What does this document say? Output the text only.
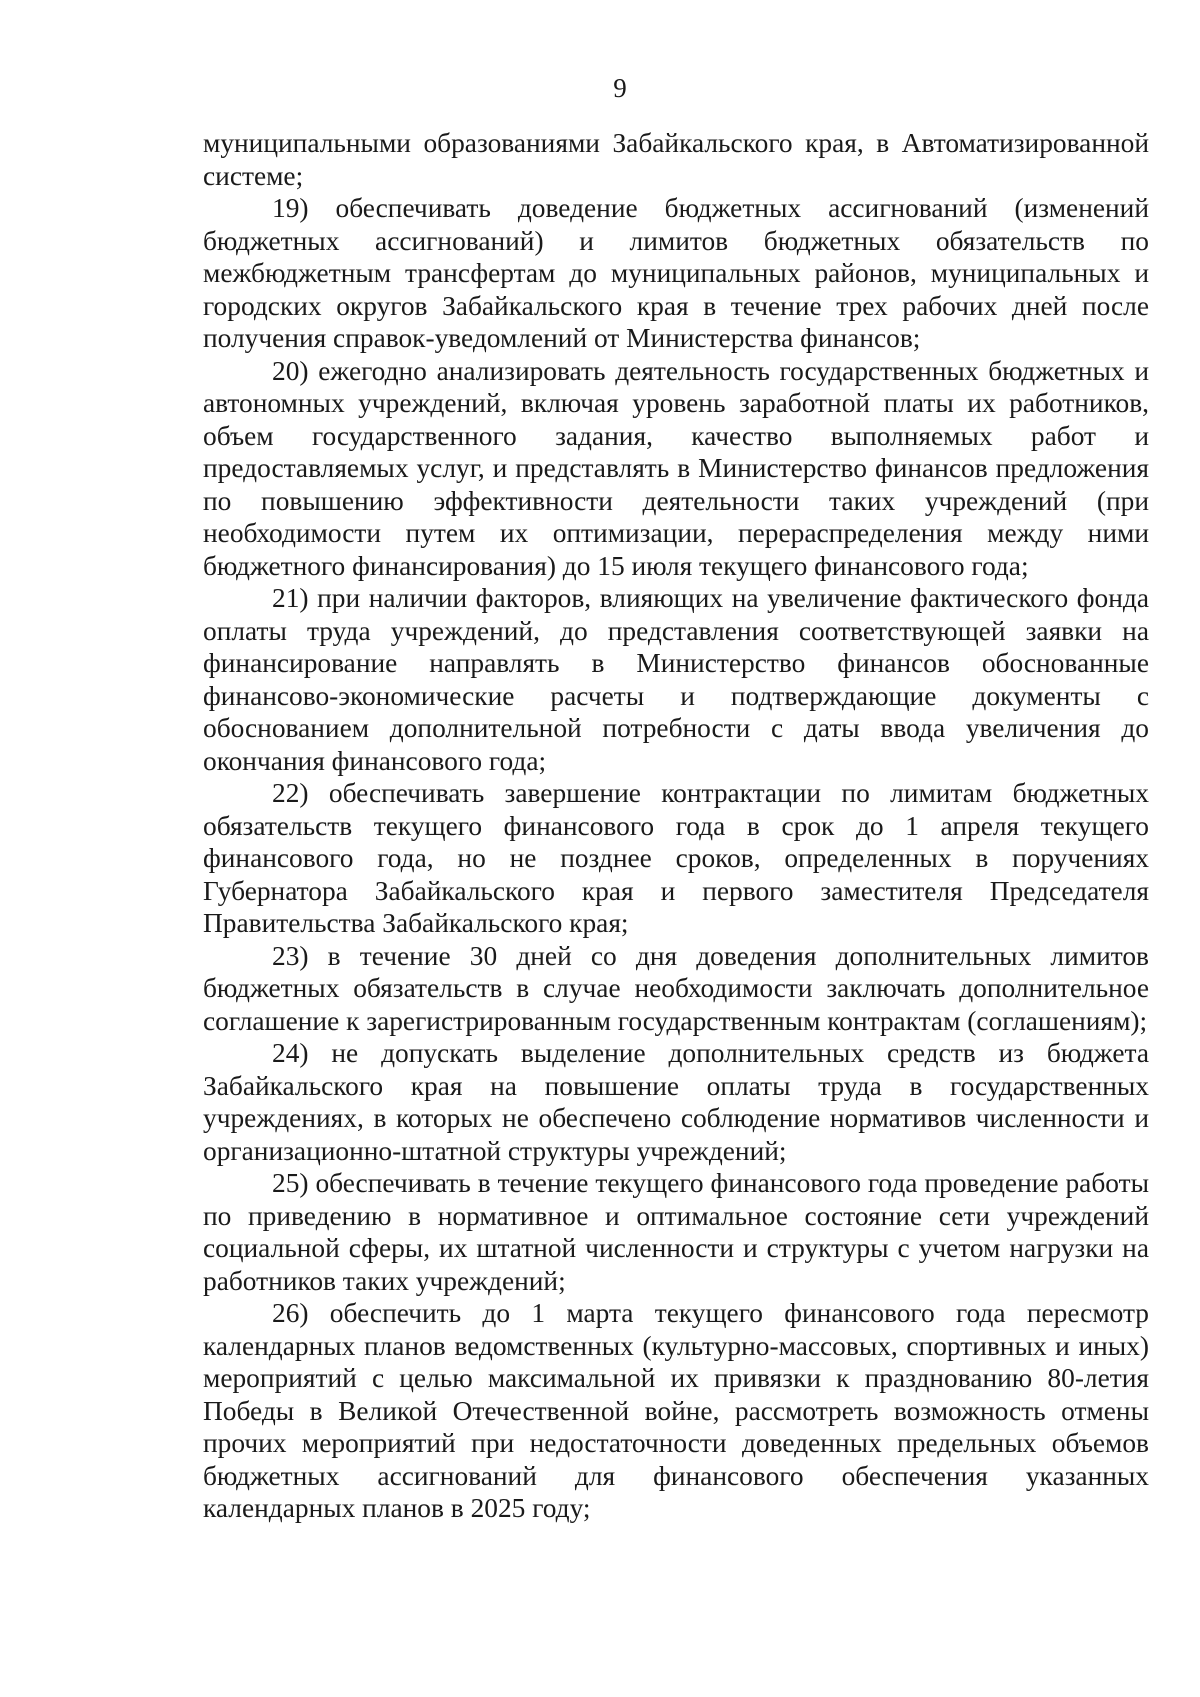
9

муниципальными образованиями Забайкальского края, в Автоматизированной системе;

19) обеспечивать доведение бюджетных ассигнований (изменений бюджетных ассигнований) и лимитов бюджетных обязательств по межбюджетным трансфертам до муниципальных районов, муниципальных и городских округов Забайкальского края в течение трех рабочих дней после получения справок-уведомлений от Министерства финансов;

20) ежегодно анализировать деятельность государственных бюджетных и автономных учреждений, включая уровень заработной платы их работников, объем государственного задания, качество выполняемых работ и предоставляемых услуг, и представлять в Министерство финансов предложения по повышению эффективности деятельности таких учреждений (при необходимости путем их оптимизации, перераспределения между ними бюджетного финансирования) до 15 июля текущего финансового года;

21) при наличии факторов, влияющих на увеличение фактического фонда оплаты труда учреждений, до представления соответствующей заявки на финансирование направлять в Министерство финансов обоснованные финансово-экономические расчеты и подтверждающие документы с обоснованием дополнительной потребности с даты ввода увеличения до окончания финансового года;

22) обеспечивать завершение контрактации по лимитам бюджетных обязательств текущего финансового года в срок до 1 апреля текущего финансового года, но не позднее сроков, определенных в поручениях Губернатора Забайкальского края и первого заместителя Председателя Правительства Забайкальского края;

23) в течение 30 дней со дня доведения дополнительных лимитов бюджетных обязательств в случае необходимости заключать дополнительное соглашение к зарегистрированным государственным контрактам (соглашениям);

24) не допускать выделение дополнительных средств из бюджета Забайкальского края на повышение оплаты труда в государственных учреждениях, в которых не обеспечено соблюдение нормативов численности и организационно-штатной структуры учреждений;

25) обеспечивать в течение текущего финансового года проведение работы по приведению в нормативное и оптимальное состояние сети учреждений социальной сферы, их штатной численности и структуры с учетом нагрузки на работников таких учреждений;

26) обеспечить до 1 марта текущего финансового года пересмотр календарных планов ведомственных (культурно-массовых, спортивных и иных) мероприятий с целью максимальной их привязки к празднованию 80-летия Победы в Великой Отечественной войне, рассмотреть возможность отмены прочих мероприятий при недостаточности доведенных предельных объемов бюджетных ассигнований для финансового обеспечения указанных календарных планов в 2025 году;
